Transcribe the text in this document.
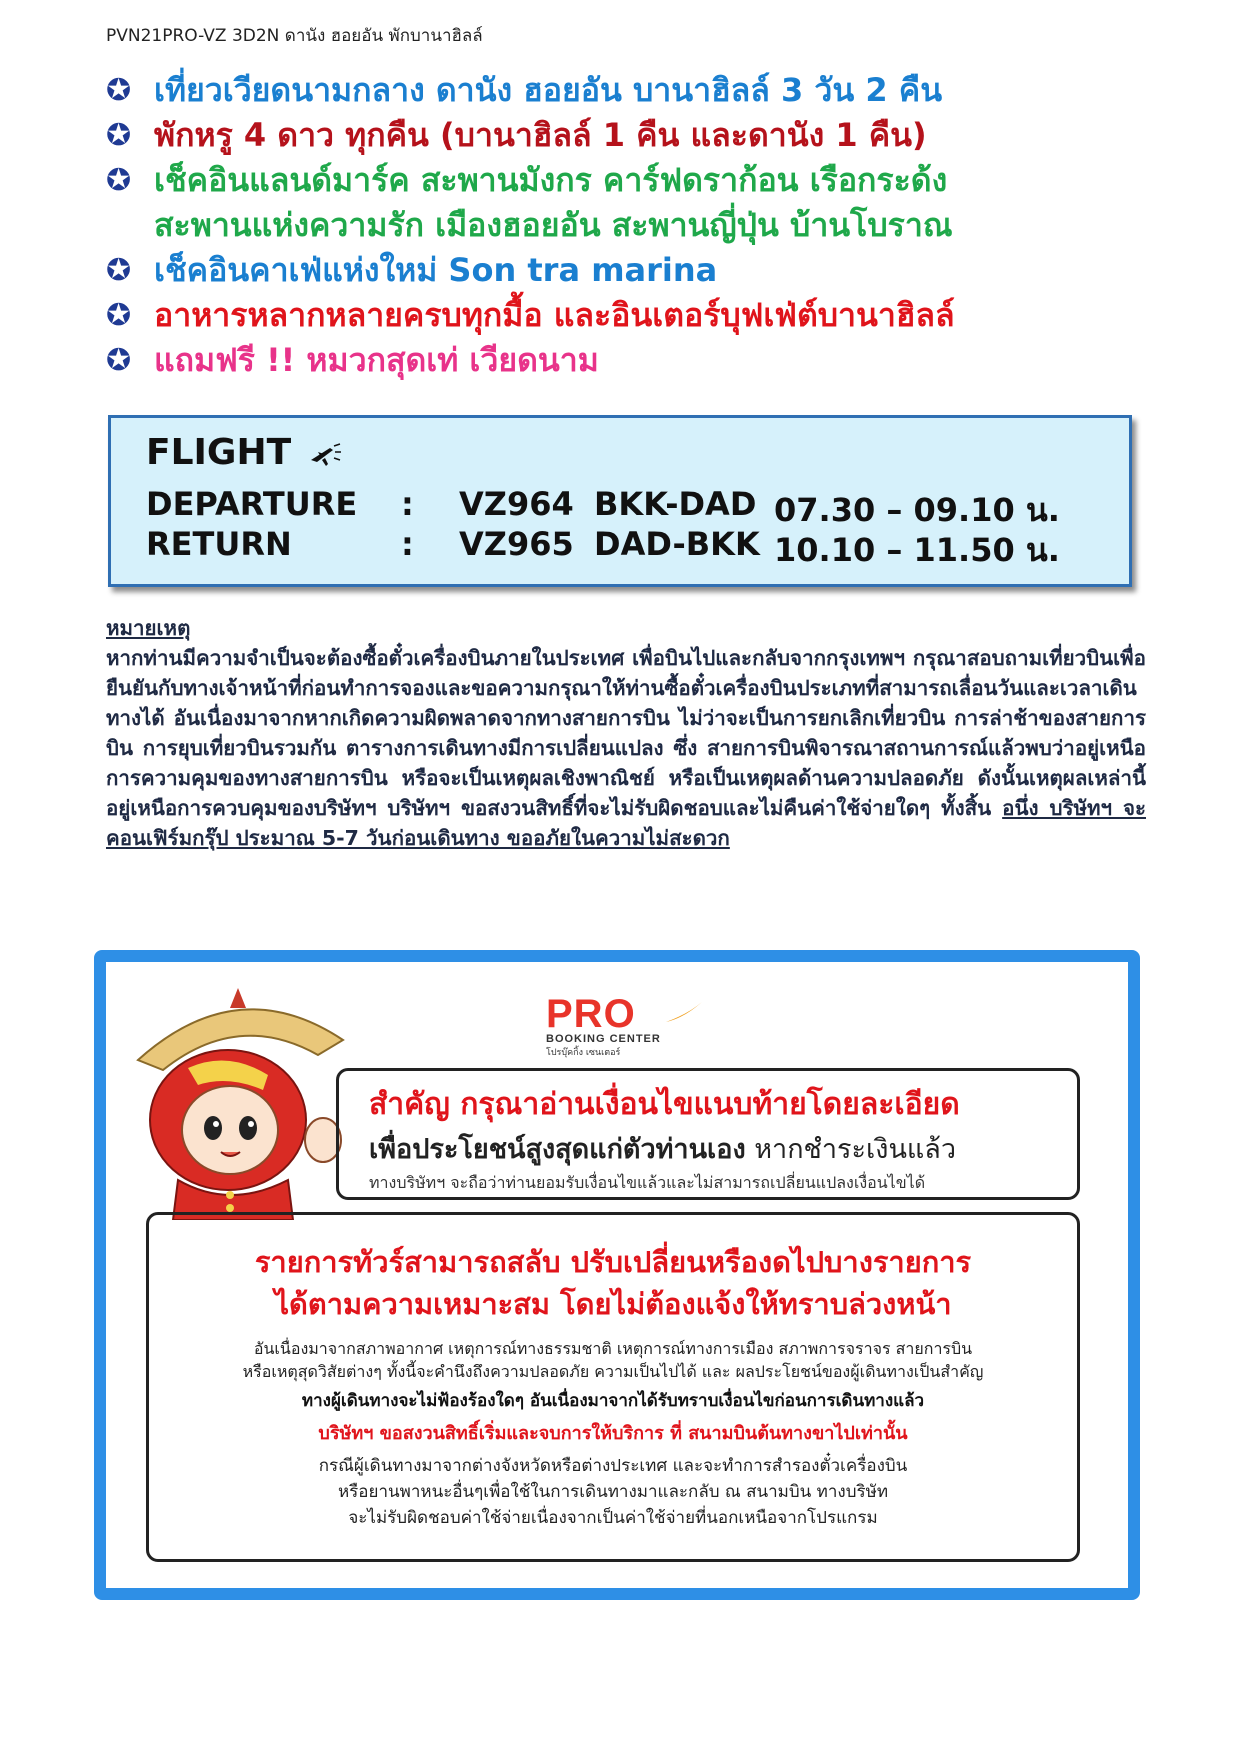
PVN21PRO-VZ 3D2N ดานัง ฮอยอัน พักบานาฮิลล์
✪ เที่ยวเวียดนามกลาง ดานัง ฮอยอัน บานาฮิลล์ 3 วัน 2 คืน
✪ พักหรู 4 ดาว ทุกคืน (บานาฮิลล์ 1 คืน และดานัง 1 คืน)
✪ เช็คอินแลนด์มาร์ค สะพานมังกร คาร์ฟดราก้อน เรือกระด้ง
สะพานแห่งความรัก เมืองฮอยอัน สะพานญี่ปุ่น บ้านโบราณ
✪ เช็คอินคาเฟ่แห่งใหม่ Son tra marina
✪ อาหารหลากหลายครบทุกมื้อ และอินเตอร์บุฟเฟ่ต์บานาฮิลล์
✪ แถมฟรี !! หมวกสุดเท่ เวียดนาม
FLIGHT
DEPARTURE : VZ964 BKK-DAD 07.30 – 09.10 น.
RETURN	: VZ965 DAD-BKK 10.10 – 11.50 น.
หมายเหตุ
หากท่านมีความจำเป็นจะต้องซื้อตั๋วเครื่องบินภายในประเทศ เพื่อบินไปและกลับจากกรุงเทพฯ กรุณาสอบถามเที่ยวบินเพื่อยืนยันกับทางเจ้าหน้าที่ก่อนทำการจองและขอความกรุณาให้ท่านซื้อตั๋วเครื่องบินประเภทที่สามารถเลื่อนวันและเวลาเดินทางได้ อันเนื่องมาจากหากเกิดความผิดพลาดจากทางสายการบิน ไม่ว่าจะเป็นการยกเลิกเที่ยวบิน การล่าช้าของสายการบิน การยุบเที่ยวบินรวมกัน ตารางการเดินทางมีการเปลี่ยนแปลง ซึ่ง สายการบินพิจารณาสถานการณ์แล้วพบว่าอยู่เหนือการความคุมของทางสายการบิน หรือจะเป็นเหตุผลเชิงพาณิชย์ หรือเป็นเหตุผลด้านความปลอดภัย ดังนั้นเหตุผลเหล่านี้ อยู่เหนือการควบคุมของบริษัทฯ บริษัทฯ ขอสงวนสิทธิ์ที่จะไม่รับผิดชอบและไม่คืนค่าใช้จ่ายใดๆ ทั้งสิ้น อนึ่ง บริษัทฯ จะคอนเฟิร์มกรุ๊ป ประมาณ 5-7 วันก่อนเดินทาง ขออภัยในความไม่สะดวก
PRO
BOOKING CENTER
โปรบุ๊คกิ้ง เซนเตอร์
สำคัญ กรุณาอ่านเงื่อนไขแนบท้ายโดยละเอียด
เพื่อประโยชน์สูงสุดแก่ตัวท่านเอง หากชำระเงินแล้ว
ทางบริษัทฯ จะถือว่าท่านยอมรับเงื่อนไขแล้วและไม่สามารถเปลี่ยนแปลงเงื่อนไขได้
รายการทัวร์สามารถสลับ ปรับเปลี่ยนหรืองดไปบางรายการ
ได้ตามความเหมาะสม โดยไม่ต้องแจ้งให้ทราบล่วงหน้า
อันเนื่องมาจากสภาพอากาศ เหตุการณ์ทางธรรมชาติ เหตุการณ์ทางการเมือง สภาพการจราจร สายการบิน
หรือเหตุสุดวิสัยต่างๆ ทั้งนี้จะคำนึงถึงความปลอดภัย ความเป็นไปได้ และ ผลประโยชน์ของผู้เดินทางเป็นสำคัญ
ทางผู้เดินทางจะไม่ฟ้องร้องใดๆ อันเนื่องมาจากได้รับทราบเงื่อนไขก่อนการเดินทางแล้ว
บริษัทฯ ขอสงวนสิทธิ์เริ่มและจบการให้บริการ ที่ สนามบินต้นทางขาไปเท่านั้น
กรณีผู้เดินทางมาจากต่างจังหวัดหรือต่างประเทศ และจะทำการสำรองตั๋วเครื่องบิน
หรือยานพาหนะอื่นๆเพื่อใช้ในการเดินทางมาและกลับ ณ สนามบิน ทางบริษัท
จะไม่รับผิดชอบค่าใช้จ่ายเนื่องจากเป็นค่าใช้จ่ายที่นอกเหนือจากโปรแกรม
